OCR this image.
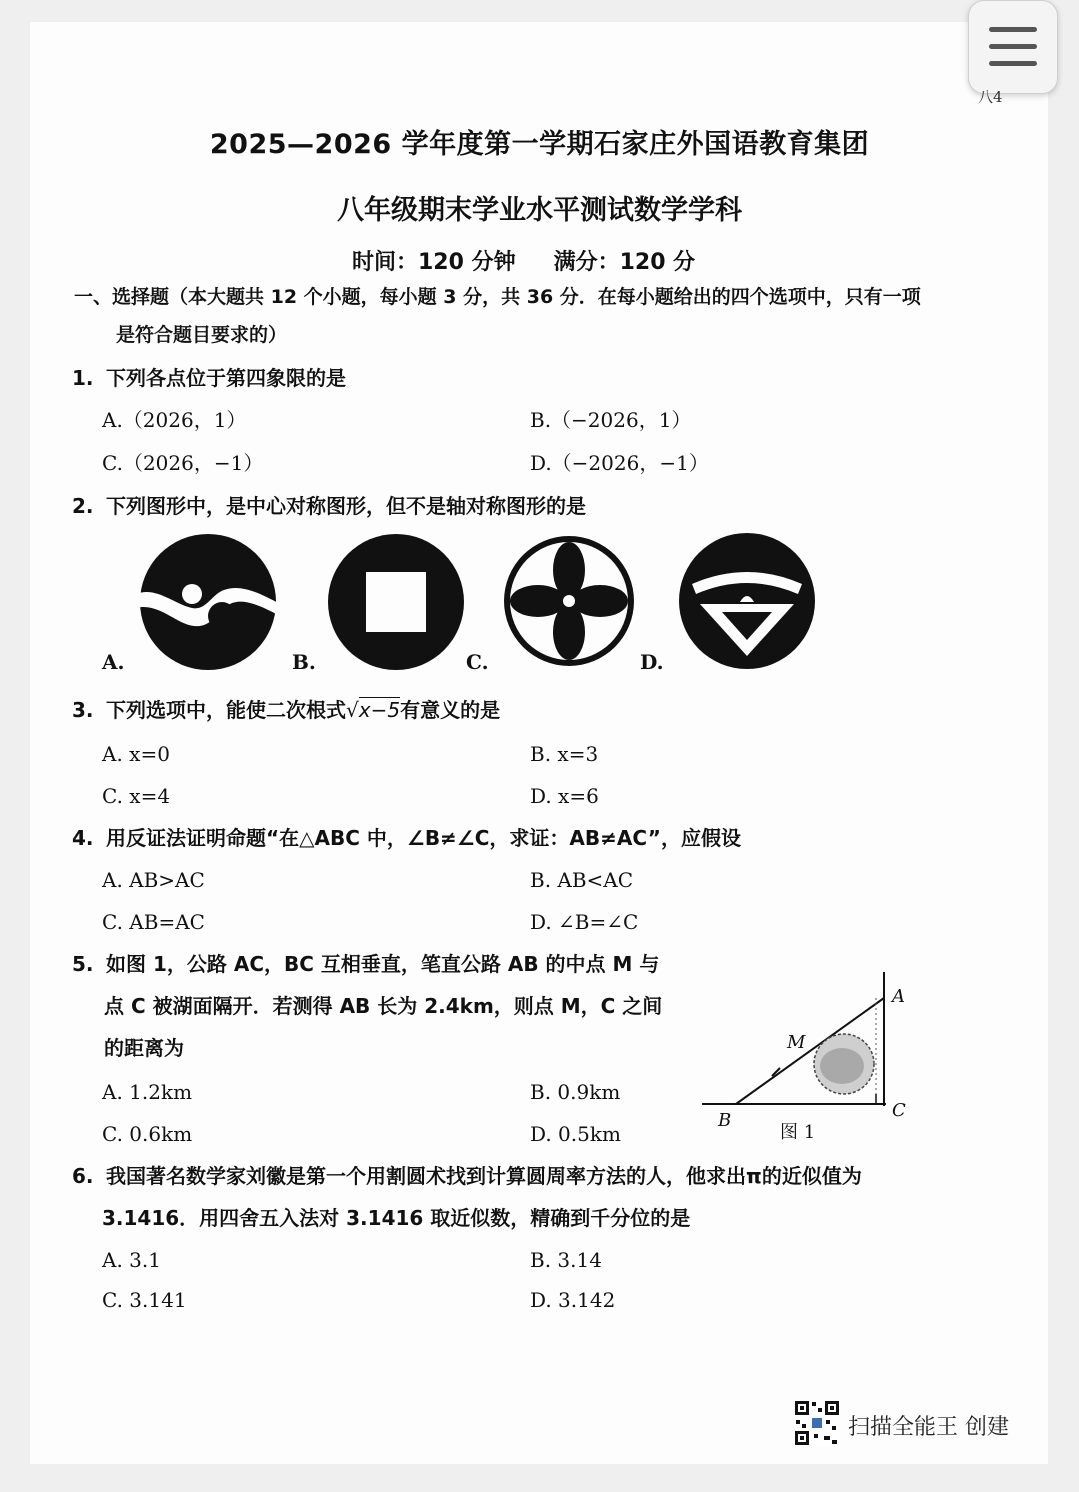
八4
2025—2026 学年度第一学期石家庄外国语教育集团
八年级期末学业水平测试数学学科
时间：120 分钟 满分：120 分
一、选择题（本大题共 12 个小题，每小题 3 分，共 36 分．在每小题给出的四个选项中，只有一项
是符合题目要求的）
1. 下列各点位于第四象限的是
A.（2026，1）	B.（−2026，1）
C.（2026，−1）	D.（−2026，−1）
2. 下列图形中，是中心对称图形，但不是轴对称图形的是
A.	B.	C.	D.
3. 下列选项中，能使二次根式√x−5有意义的是
A. x=0	B. x=3
C. x=4	D. x=6
4. 用反证法证明命题“在△ABC 中，∠B≠∠C，求证：AB≠AC”，应假设
A. AB>AC	B. AB<AC
C. AB=AC	D. ∠B=∠C
5. 如图 1，公路 AC，BC 互相垂直，笔直公路 AB 的中点 M 与
点 C 被湖面隔开．若测得 AB 长为 2.4km，则点 M，C 之间
的距离为
A. 1.2km	B. 0.9km
C. 0.6km	D. 0.5km
A
M
B	C
图 1
6. 我国著名数学家刘徽是第一个用割圆术找到计算圆周率方法的人，他求出π的近似值为
3.1416．用四舍五入法对 3.1416 取近似数，精确到千分位的是
A. 3.1	B. 3.14
C. 3.141	D. 3.142
扫描全能王 创建
